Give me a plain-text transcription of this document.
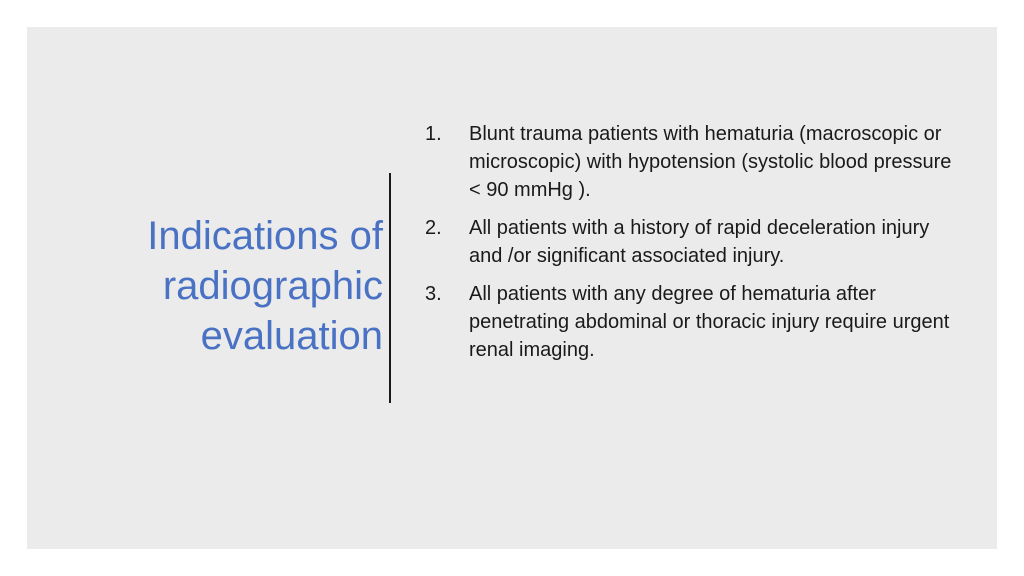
Indications of
radiographic
evaluation
1.	Blunt trauma patients with hematuria (macroscopic or microscopic) with hypotension (systolic blood pressure < 90 mmHg ).
2.	All patients with a history of rapid deceleration injury and /or significant associated injury.
3.	All patients with any degree of hematuria after penetrating abdominal or thoracic injury require urgent renal imaging.
